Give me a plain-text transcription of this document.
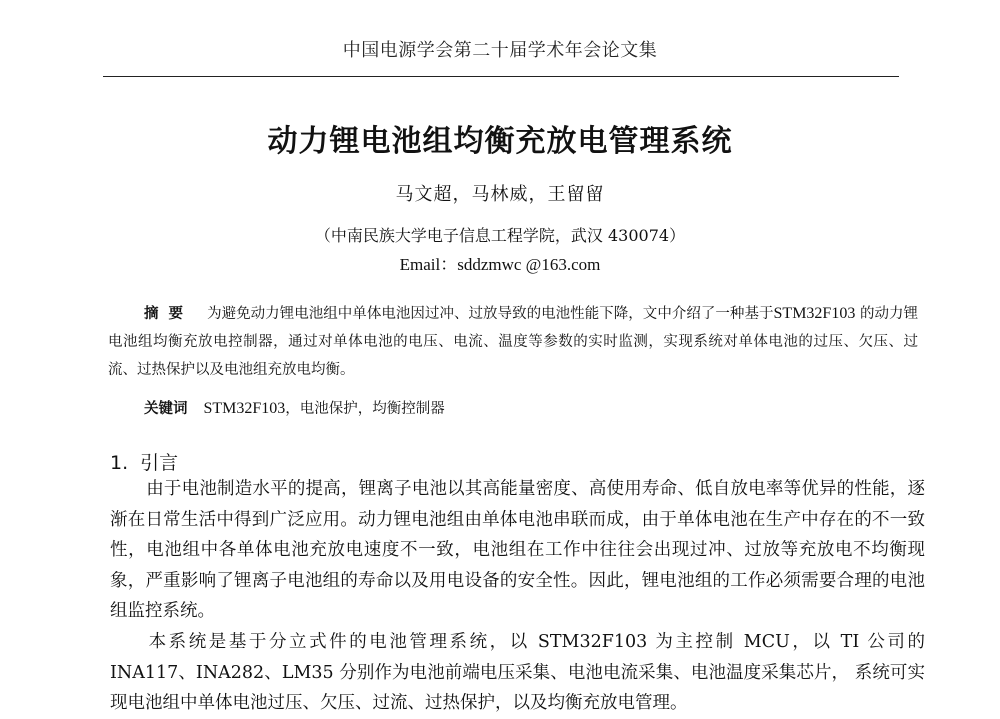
中国电源学会第二十届学术年会论文集
动力锂电池组均衡充放电管理系统
马文超，马林威，王留留
（中南民族大学电子信息工程学院，武汉 430074）
Email：sddzmwc @163.com
摘要 为避免动力锂电池组中单体电池因过冲、过放导致的电池性能下降，文中介绍了一种基于STM32F103 的动力锂电池组均衡充放电控制器，通过对单体电池的电压、电流、温度等参数的实时监测，实现系统对单体电池的过压、欠压、过流、过热保护以及电池组充放电均衡。
关键词 STM32F103，电池保护，均衡控制器
1. 引言
由于电池制造水平的提高，锂离子电池以其高能量密度、高使用寿命、低自放电率等优异的性能，逐渐在日常生活中得到广泛应用。动力锂电池组由单体电池串联而成，由于单体电池在生产中存在的不一致性，电池组中各单体电池充放电速度不一致，电池组在工作中往往会出现过冲、过放等充放电不均衡现象，严重影响了锂离子电池组的寿命以及用电设备的安全性。因此，锂电池组的工作必须需要合理的电池组监控系统。
本系统是基于分立式件的电池管理系统，以 STM32F103 为主控制 MCU，以 TI 公司的 INA117、INA282、LM35 分别作为电池前端电压采集、电池电流采集、电池温度采集芯片， 系统可实现电池组中单体电池过压、欠压、过流、过热保护，以及均衡充放电管理。
